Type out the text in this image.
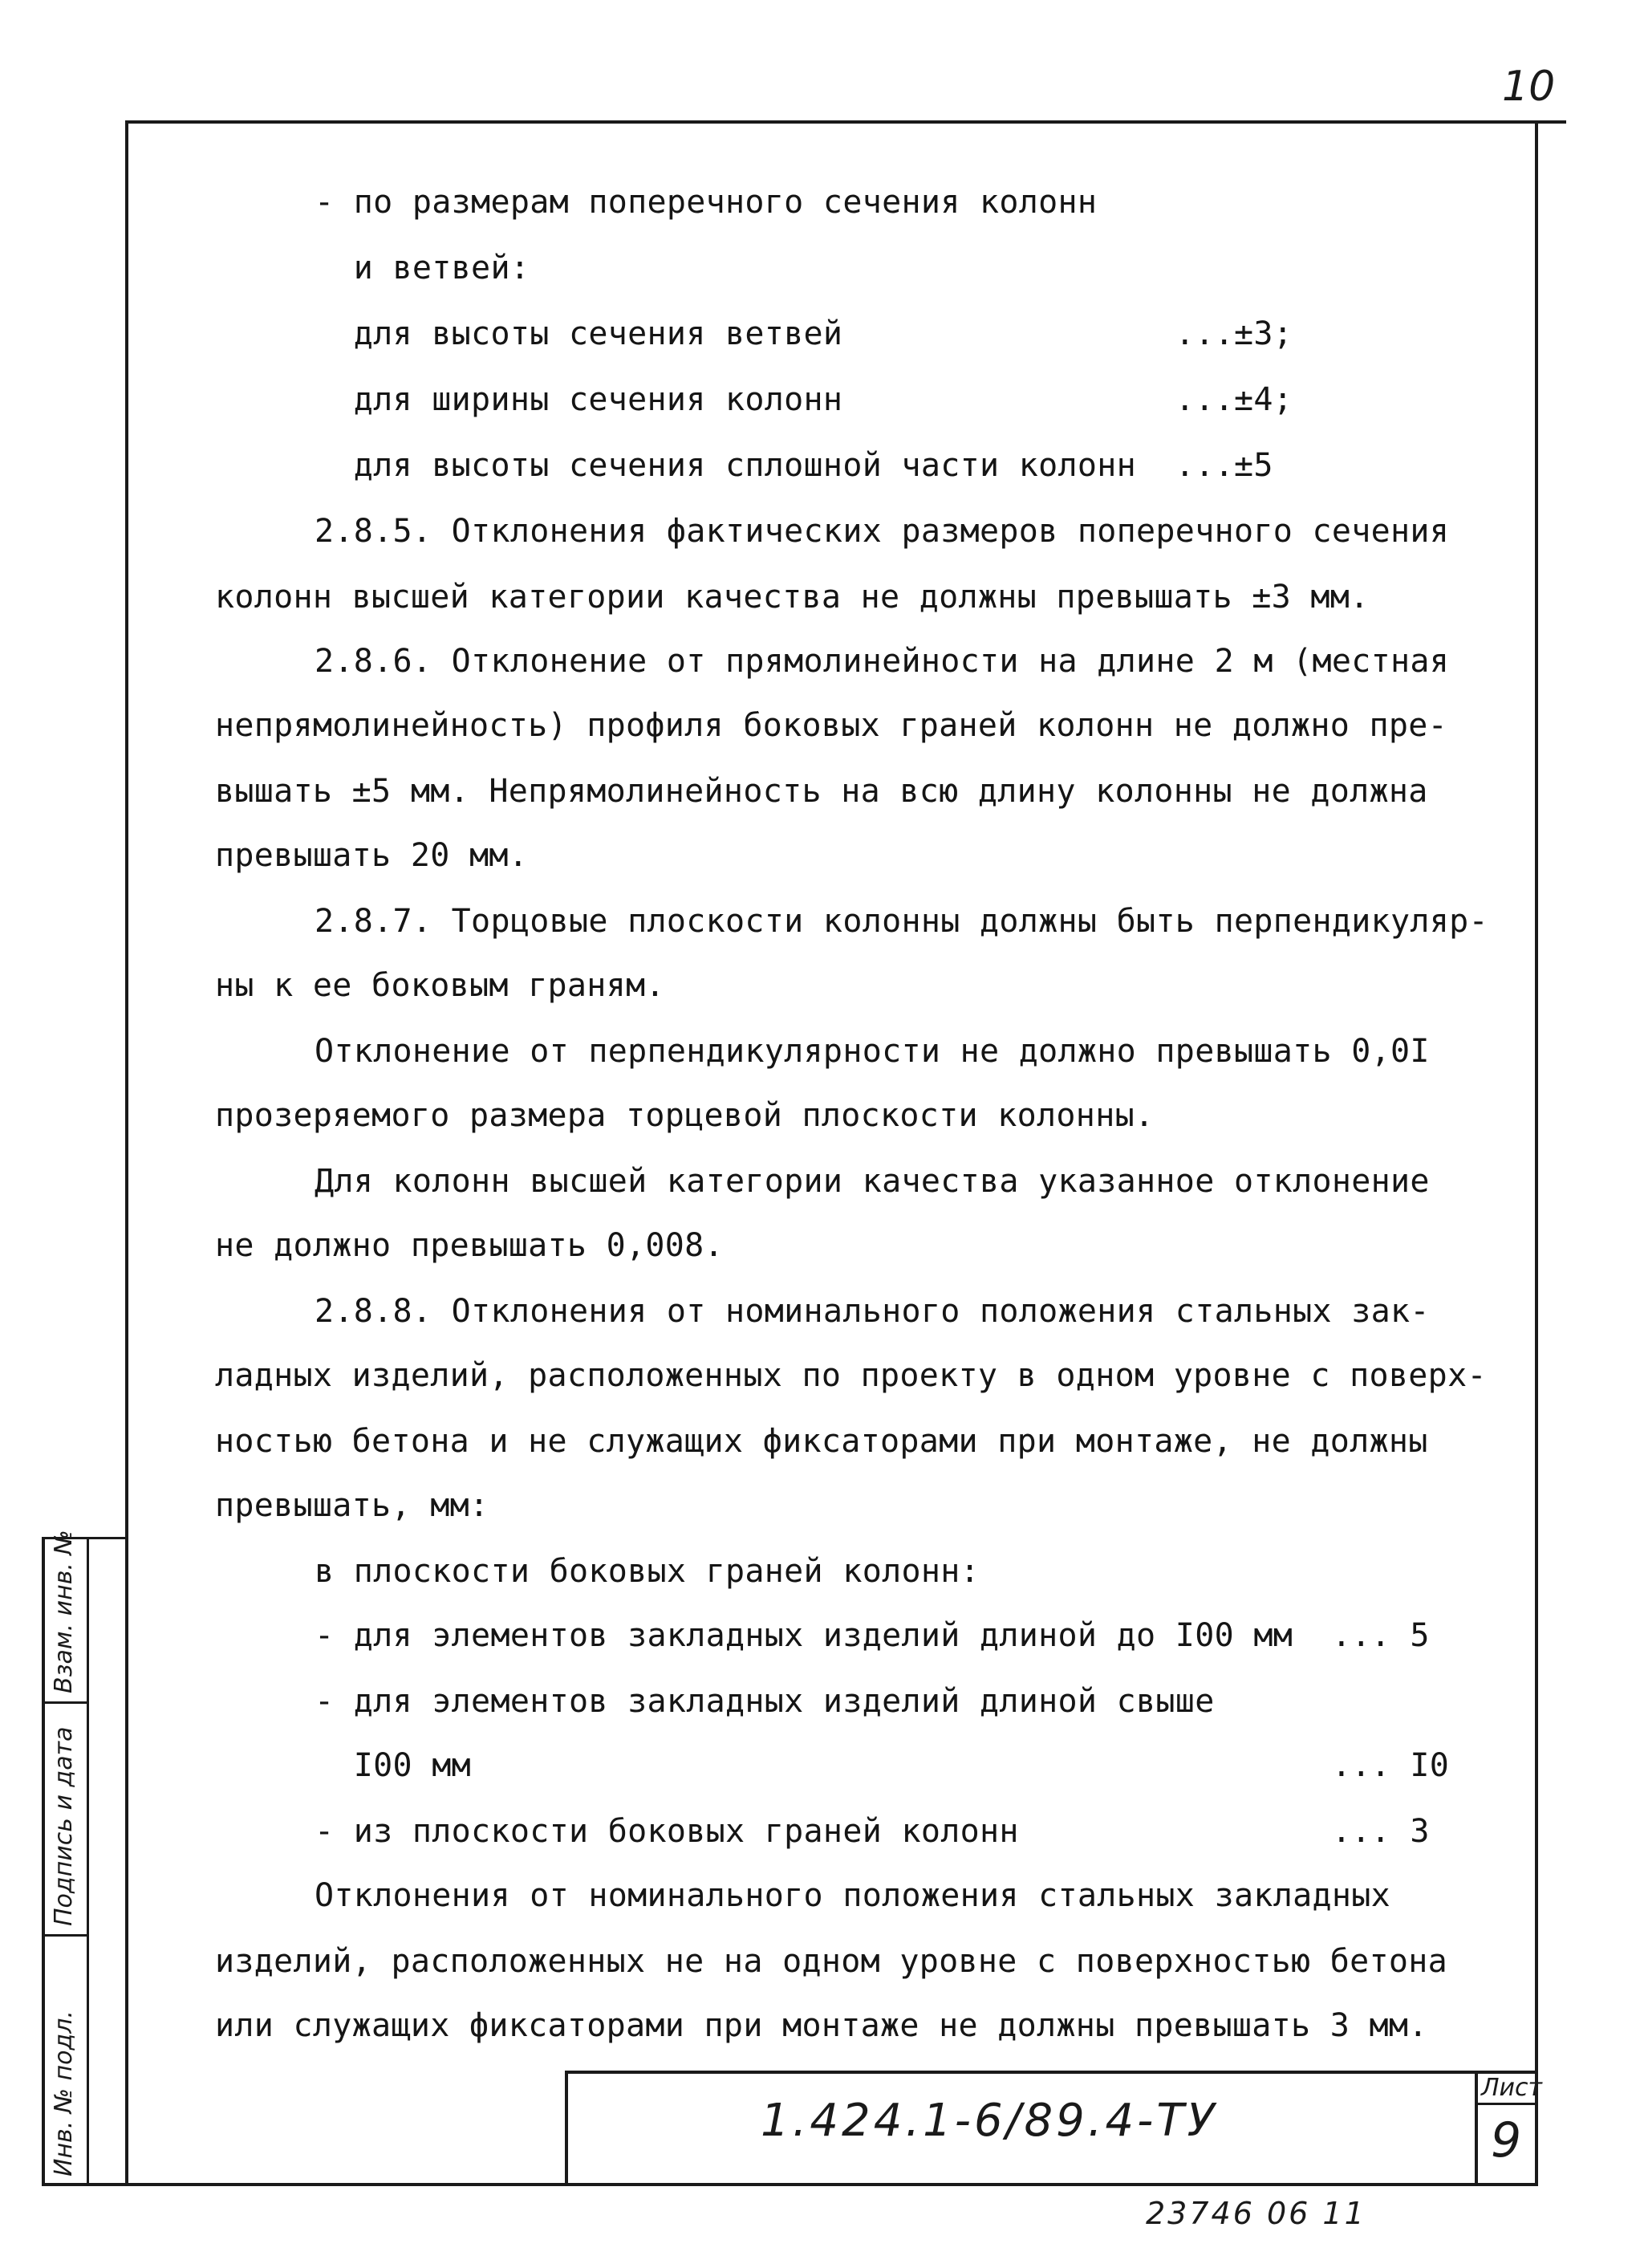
10
- по размерам поперечного сечения колонн
и ветвей:
для высоты сечения ветвей                 ...±3;
для ширины сечения колонн                 ...±4;
для высоты сечения сплошной части колонн  ...±5
2.8.5. Отклонения фактических размеров поперечного сечения
колонн высшей категории качества не должны превышать ±3 мм.
2.8.6. Отклонение от прямолинейности на длине 2 м (местная
непрямолинейность) профиля боковых граней колонн не должно пре-
вышать ±5 мм. Непрямолинейность на всю длину колонны не должна
превышать 20 мм.
2.8.7. Торцовые плоскости колонны должны быть перпендикуляр-
ны к ее боковым граням.
Отклонение от перпендикулярности не должно превышать 0,0I
прозеряемого размера торцевой плоскости колонны.
Для колонн высшей категории качества указанное отклонение
не должно превышать 0,008.
2.8.8. Отклонения от номинального положения стальных зак-
ладных изделий, расположенных по проекту в одном уровне с поверх-
ностью бетона и не служащих фиксаторами при монтаже, не должны
превышать, мм:
в плоскости боковых граней колонн:
- для элементов закладных изделий длиной до I00 мм  ... 5
- для элементов закладных изделий длиной свыше
I00 мм                                            ... I0
- из плоскости боковых граней колонн                ... 3
Отклонения от номинального положения стальных закладных
изделий, расположенных не на одном уровне с поверхностью бетона
или служащих фиксаторами при монтаже не должны превышать 3 мм.
Инв. № подл.
Подпись и дата
Взам. инв. №
1.424.1-6/89.4-ТУ
Лист
9
23746 06 11
